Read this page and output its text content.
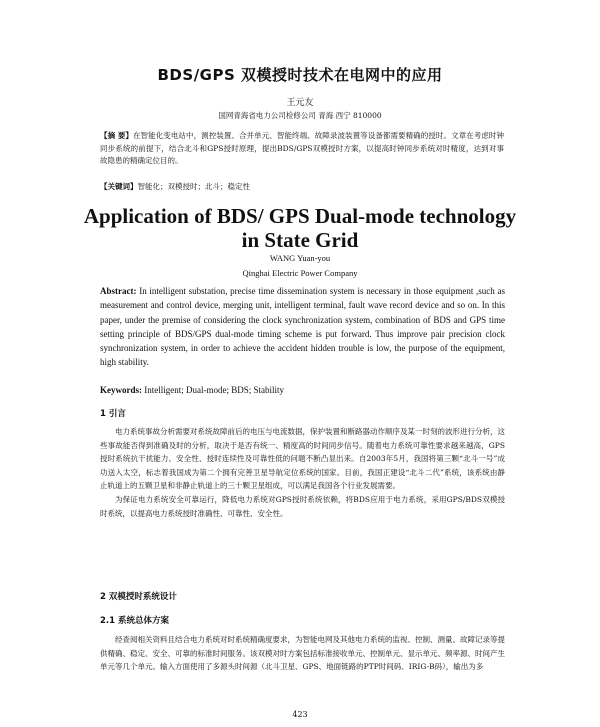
BDS/GPS 双模授时技术在电网中的应用
王元友
国网青海省电力公司检修公司 青海 西宁 810000
【摘 要】在智能化变电站中，测控装置、合并单元、智能终端、故障录波装置等设备都需要精确的授时。文章在考虑时钟同步系统的前提下，结合北斗和GPS授时原理，提出BDS/GPS双模授时方案，以提高时钟同步系统对时精度，达到对事故隐患的精确定位目的。
【关键词】智能化；双模授时；北斗；稳定性
Application of BDS/ GPS Dual-mode technology
in State Grid
WANG Yuan-you
Qinghai Electric Power Company
Abstract: In intelligent substation, precise time dissemination system is necessary in those equipment ,such as measurement and control device, merging unit, intelligent terminal, fault wave record device and so on. In this paper, under the premise of considering the clock synchronization system, combination of BDS and GPS time setting principle of BDS/GPS dual-mode timing scheme is put forward. Thus improve pair precision clock synchronization system, in order to achieve the accident hidden trouble is low, the purpose of the equipment, high stability.
Keywords: Intelligent; Dual-mode; BDS; Stability
1 引言

电力系统事故分析需要对系统故障前后的电压与电流数据，保护装置和断路器动作顺序及某一时刻的波形进行分析，这些事故能否得到准确及时的分析，取决于是否有统一、精度高的时间同步信号。随着电力系统可靠性要求越来越高，GPS授时系统抗干扰能力、安全性、授时连续性及可靠性低的问题不断凸显出来。自2003年5月，我国将第三颗“北斗一号”成功送入太空，标志着我国成为第二个拥有完善卫星导航定位系统的国家。目前，我国正建设“北斗二代”系统，该系统由静止轨道上的五颗卫星和非静止轨道上的三十颗卫星组成，可以满足我国各个行业发展需要。

为保证电力系统安全可靠运行，降低电力系统对GPS授时系统依赖，将BDS应用于电力系统，采用GPS/BDS双模授时系统，以提高电力系统授时准确性、可靠性、安全性。

2 双模授时系统设计
2.1 系统总体方案

经查阅相关资料且结合电力系统对时系统精确度要求，为智能电网及其他电力系统的监视、控制、测量、故障记录等提供精确、稳定、安全、可靠的标准时间服务。该双模对时方案包括标准接收单元、控制单元、显示单元、频率源、时间产生单元等几个单元。输入方面使用了多源头时间源（北斗卫星、GPS、地面链路的PTP时间码、IRIG-B码），输出为多

423
